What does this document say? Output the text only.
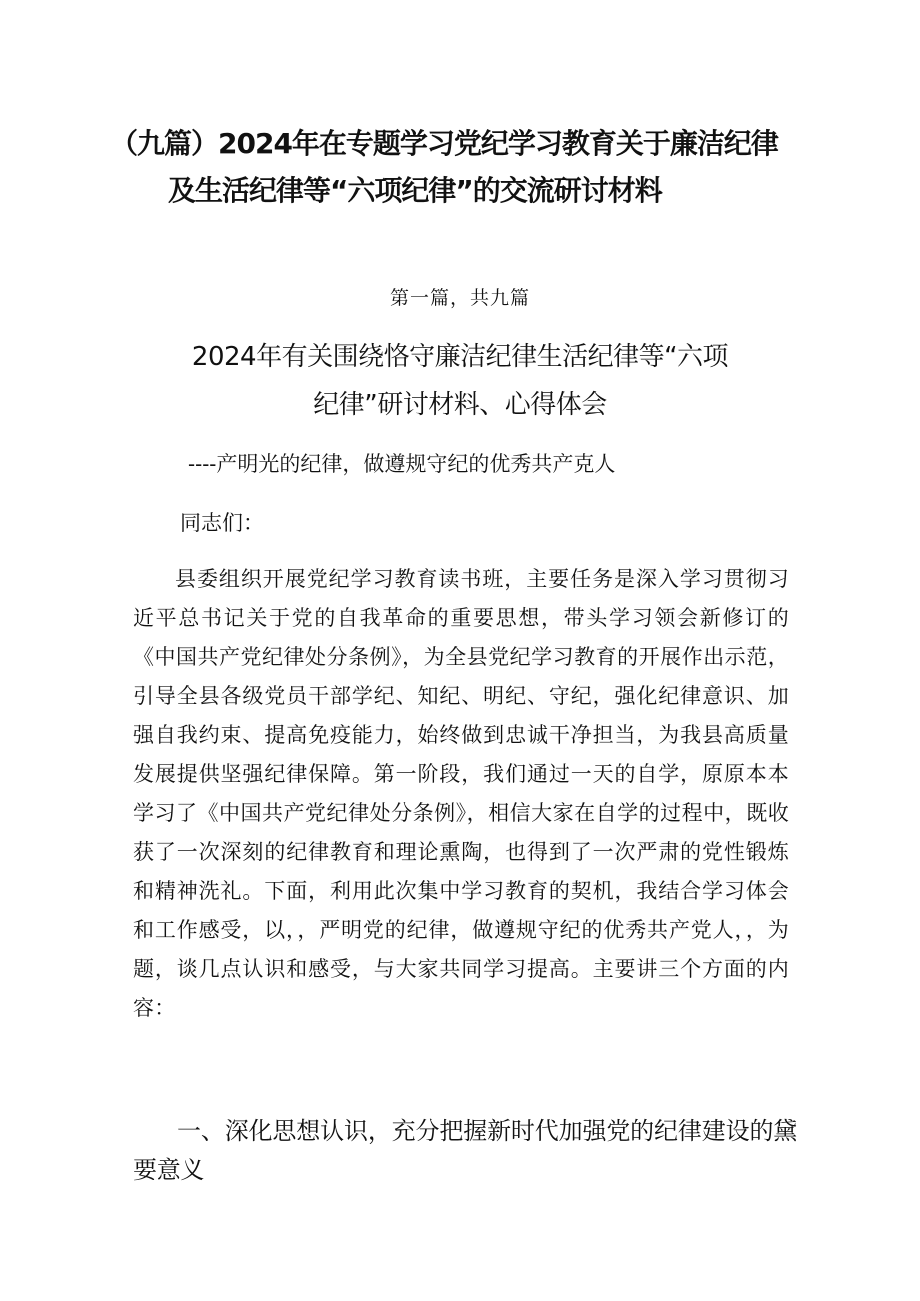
（九篇）2024年在专题学习党纪学习教育关于廉洁纪律
及生活纪律等“六项纪律”的交流研讨材料
第一篇，共九篇
2024年有关围绕恪守廉洁纪律生活纪律等“六项
纪律”研讨材料、心得体会

----产明光的纪律，做遵规守纪的优秀共产克人

同志们：

县委组织开展党纪学习教育读书班，主要任务是深入学习贯彻习近平总书记关于党的自我革命的重要思想，带头学习领会新修订的《中国共产党纪律处分条例》，为全县党纪学习教育的开展作出示范，引导全县各级党员干部学纪、知纪、明纪、守纪，强化纪律意识、加强自我约束、提高免疫能力，始终做到忠诚干净担当，为我县高质量发展提供坚强纪律保障。第一阶段，我们通过一天的自学，原原本本学习了《中国共产党纪律处分条例》，相信大家在自学的过程中，既收获了一次深刻的纪律教育和理论熏陶，也得到了一次严肃的党性锻炼和精神洗礼。下面，利用此次集中学习教育的契机，我结合学习体会和工作感受，以，，严明党的纪律，做遵规守纪的优秀共产党人，，为题，谈几点认识和感受，与大家共同学习提高。主要讲三个方面的内容：

一、深化思想认识，充分把握新时代加强党的纪律建设的黛要意义
